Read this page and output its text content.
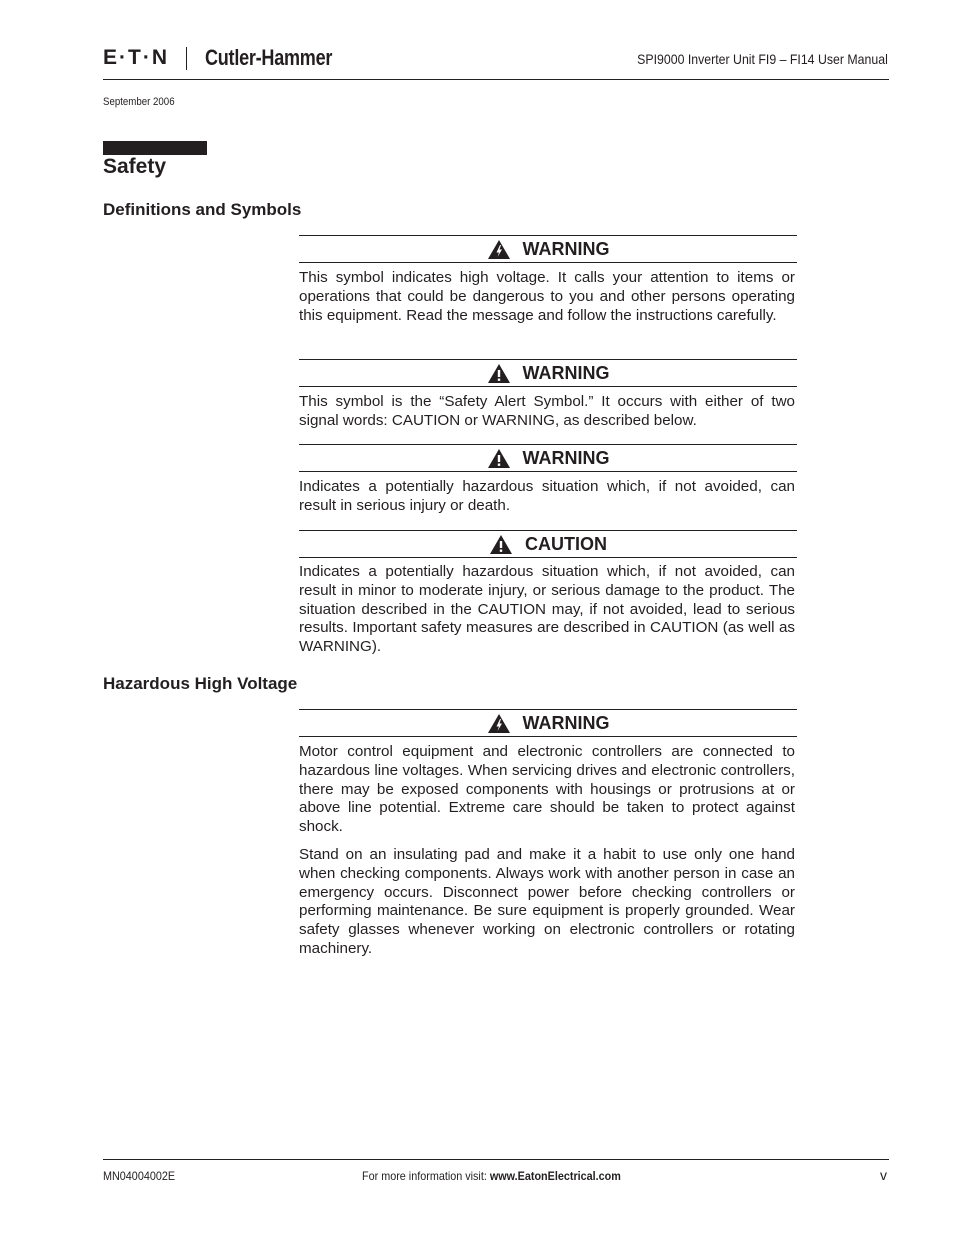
E·T·N Cutler-Hammer	SPI9000 Inverter Unit FI9 – FI14 User Manual
September 2006
Safety
Definitions and Symbols
WARNING

This symbol indicates high voltage. It calls your attention to items or operations that could be dangerous to you and other persons operating this equipment. Read the message and follow the instructions carefully.

WARNING

This symbol is the “Safety Alert Symbol.” It occurs with either of two signal words: CAUTION or WARNING, as described below.

WARNING

Indicates a potentially hazardous situation which, if not avoided, can result in serious injury or death.

CAUTION

Indicates a potentially hazardous situation which, if not avoided, can result in minor to moderate injury, or serious damage to the product. The situation described in the CAUTION may, if not avoided, lead to serious results. Important safety measures are described in CAUTION (as well as WARNING).

Hazardous High Voltage
WARNING

Motor control equipment and electronic controllers are connected to hazardous line voltages. When servicing drives and electronic controllers, there may be exposed components with housings or protrusions at or above line potential. Extreme care should be taken to protect against shock.

Stand on an insulating pad and make it a habit to use only one hand when checking components. Always work with another person in case an emergency occurs. Disconnect power before checking controllers or performing maintenance. Be sure equipment is properly grounded. Wear safety glasses whenever working on electronic controllers or rotating machinery.

MN04004002E	For more information visit: www.EatonElectrical.com	v
